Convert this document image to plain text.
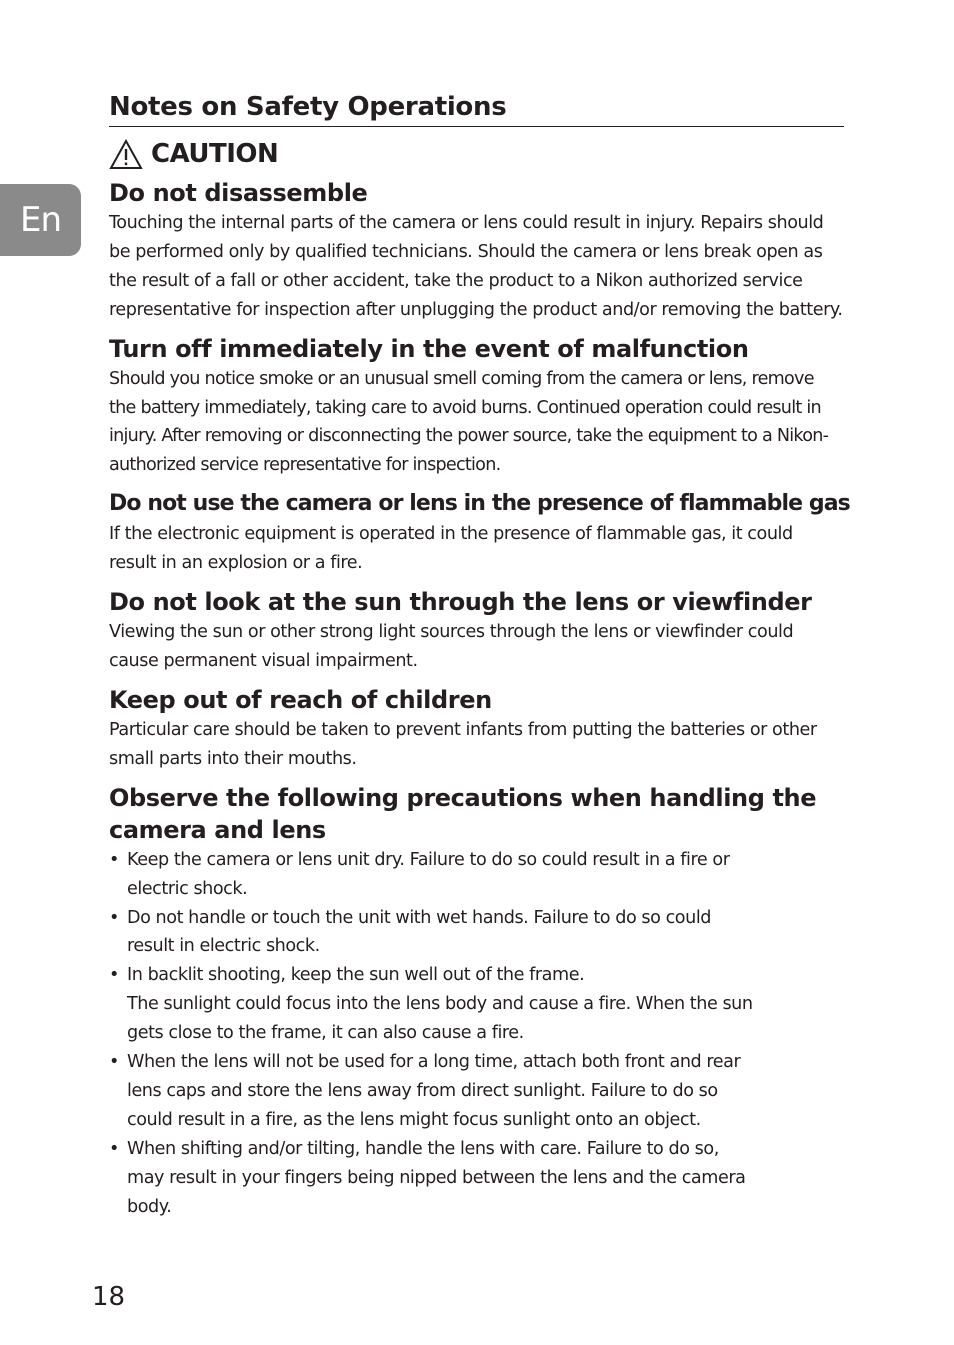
En
Notes on Safety Operations
CAUTION
Do not disassemble

Touching the internal parts of the camera or lens could result in injury. Repairs should be performed only by qualified technicians. Should the camera or lens break open as the result of a fall or other accident, take the product to a Nikon authorized service representative for inspection after unplugging the product and/or removing the battery.

Turn off immediately in the event of malfunction

Should you notice smoke or an unusual smell coming from the camera or lens, remove the battery immediately, taking care to avoid burns. Continued operation could result in injury. After removing or disconnecting the power source, take the equipment to a Nikon-authorized service representative for inspection.

Do not use the camera or lens in the presence of flammable gas

If the electronic equipment is operated in the presence of flammable gas, it could result in an explosion or a fire.

Do not look at the sun through the lens or viewfinder

Viewing the sun or other strong light sources through the lens or viewfinder could cause permanent visual impairment.

Keep out of reach of children

Particular care should be taken to prevent infants from putting the batteries or other small parts into their mouths.

Observe the following precautions when handling the camera and lens
• Keep the camera or lens unit dry. Failure to do so could result in a fire or
electric shock.
• Do not handle or touch the unit with wet hands. Failure to do so could
result in electric shock.
• In backlit shooting, keep the sun well out of the frame.
The sunlight could focus into the lens body and cause a fire. When the sun
gets close to the frame, it can also cause a fire.
• When the lens will not be used for a long time, attach both front and rear
lens caps and store the lens away from direct sunlight. Failure to do so
could result in a fire, as the lens might focus sunlight onto an object.
• When shifting and/or tilting, handle the lens with care. Failure to do so,
may result in your fingers being nipped between the lens and the camera
body.
18
